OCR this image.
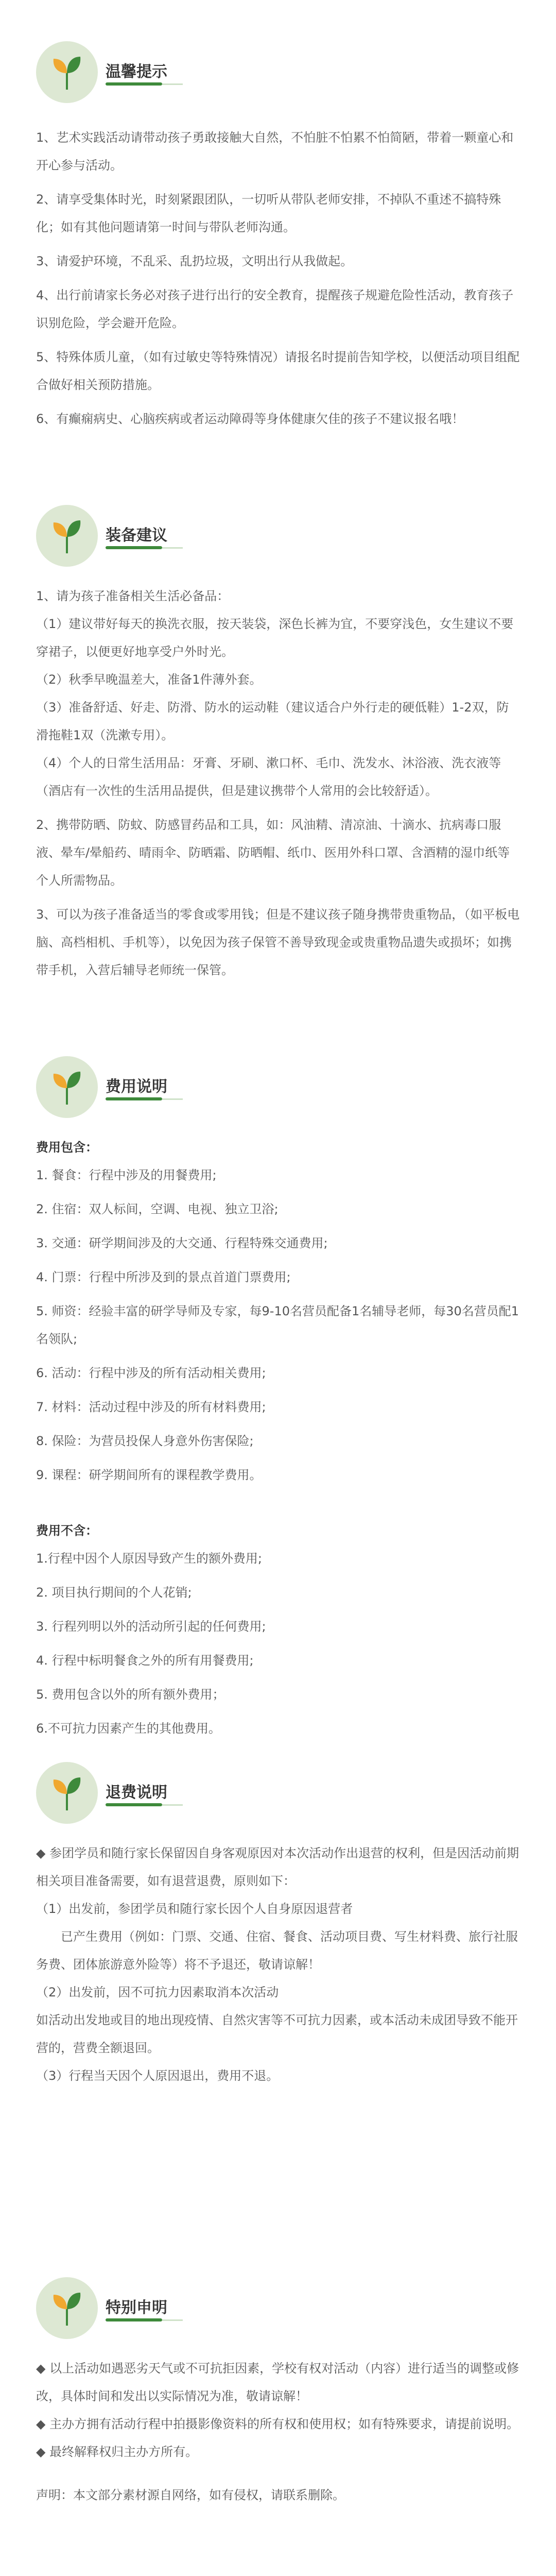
温馨提示

1、艺术实践活动请带动孩子勇敢接触大自然，不怕脏不怕累不怕简陋，带着一颗童心和开心参与活动。

2、请享受集体时光，时刻紧跟团队，一切听从带队老师安排，不掉队不重述不搞特殊化；如有其他问题请第一时间与带队老师沟通。

3、请爱护环境，不乱采、乱扔垃圾，文明出行从我做起。

4、出行前请家长务必对孩子进行出行的安全教育，提醒孩子规避危险性活动，教育孩子识别危险，学会避开危险。

5、特殊体质儿童，（如有过敏史等特殊情况）请报名时提前告知学校，以便活动项目组配合做好相关预防措施。

6、有癫痫病史、心脑疾病或者运动障碍等身体健康欠佳的孩子不建议报名哦！

装备建议

1、请为孩子准备相关生活必备品：

（1）建议带好每天的换洗衣服，按天装袋，深色长裤为宜，不要穿浅色，女生建议不要穿裙子，以便更好地享受户外时光。

（2）秋季早晚温差大，准备1件薄外套。

（3）准备舒适、好走、防滑、防水的运动鞋（建议适合户外行走的硬低鞋）1-2双，防滑拖鞋1双（洗漱专用）。

（4）个人的日常生活用品：牙膏、牙刷、漱口杯、毛巾、洗发水、沐浴液、洗衣液等（酒店有一次性的生活用品提供，但是建议携带个人常用的会比较舒适）。

2、携带防晒、防蚊、防感冒药品和工具，如：风油精、清凉油、十滴水、抗病毒口服液、晕车/晕船药、晴雨伞、防晒霜、防晒帽、纸巾、医用外科口罩、含酒精的湿巾纸等个人所需物品。

3、可以为孩子准备适当的零食或零用钱；但是不建议孩子随身携带贵重物品，（如平板电脑、高档相机、手机等），以免因为孩子保管不善导致现金或贵重物品遗失或损坏；如携带手机，入营后辅导老师统一保管。

费用说明

费用包含：

1. 餐食：行程中涉及的用餐费用;

2. 住宿：双人标间，空调、电视、独立卫浴;

3. 交通：研学期间涉及的大交通、行程特殊交通费用;

4. 门票：行程中所涉及到的景点首道门票费用;

5. 师资：经验丰富的研学导师及专家，每9-10名营员配备1名辅导老师，每30名营员配1名领队;

6. 活动：行程中涉及的所有活动相关费用;

7. 材料：活动过程中涉及的所有材料费用;

8. 保险：为营员投保人身意外伤害保险;

9. 课程：研学期间所有的课程教学费用。

费用不含：

1.行程中因个人原因导致产生的额外费用;

2. 项目执行期间的个人花销;

3. 行程列明以外的活动所引起的任何费用;

4. 行程中标明餐食之外的所有用餐费用;

5. 费用包含以外的所有额外费用；

6.不可抗力因素产生的其他费用。

退费说明

◆ 参团学员和随行家长保留因自身客观原因对本次活动作出退营的权利，但是因活动前期相关项目准备需要，如有退营退费，原则如下：

（1）出发前，参团学员和随行家长因个人自身原因退营者

已产生费用（例如：门票、交通、住宿、餐食、活动项目费、写生材料费、旅行社服务费、团体旅游意外险等）将不予退还，敬请谅解！

（2）出发前，因不可抗力因素取消本次活动

如活动出发地或目的地出现疫情、自然灾害等不可抗力因素，或本活动未成团导致不能开营的，营费全额退回。

（3）行程当天因个人原因退出，费用不退。

特别申明

◆ 以上活动如遇恶劣天气或不可抗拒因素，学校有权对活动（内容）进行适当的调整或修改，具体时间和发出以实际情况为准，敬请谅解！

◆ 主办方拥有活动行程中拍摄影像资料的所有权和使用权；如有特殊要求，请提前说明。

◆ 最终解释权归主办方所有。

声明：本文部分素材源自网络，如有侵权，请联系删除。
